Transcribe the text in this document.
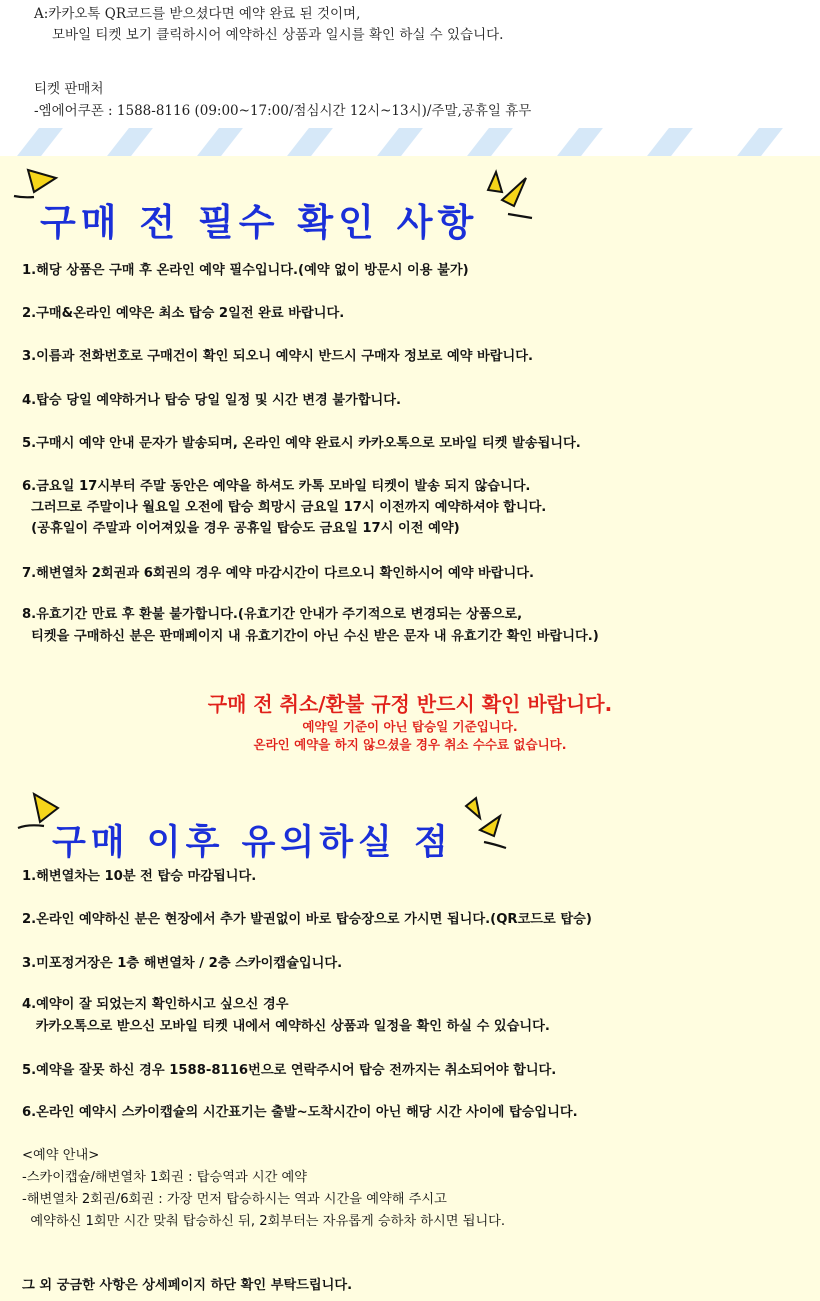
A:카카오톡 QR코드를 받으셨다면 예약 완료 된 것이며,

모바일 티켓 보기 클릭하시어 예약하신 상품과 일시를 확인 하실 수 있습니다.

티켓 판매처

-엠에어쿠폰 : 1588-8116 (09:00~17:00/점심시간 12시~13시)/주말,공휴일 휴무

구매 전 필수 확인 사항

1.해당 상품은 구매 후 온라인 예약 필수입니다.(예약 없이 방문시 이용 불가)

2.구매&온라인 예약은 최소 탑승 2일전 완료 바랍니다.

3.이름과 전화번호로 구매건이 확인 되오니 예약시 반드시 구매자 정보로 예약 바랍니다.

4.탑승 당일 예약하거나 탑승 당일 일정 및 시간 변경 불가합니다.

5.구매시 예약 안내 문자가 발송되며, 온라인 예약 완료시 카카오톡으로 모바일 티켓 발송됩니다.

6.금요일 17시부터 주말 동안은 예약을 하셔도 카톡 모바일 티켓이 발송 되지 않습니다.

그러므로 주말이나 월요일 오전에 탑승 희망시 금요일 17시 이전까지 예약하셔야 합니다.

(공휴일이 주말과 이어져있을 경우 공휴일 탑승도 금요일 17시 이전 예약)

7.해변열차 2회권과 6회권의 경우 예약 마감시간이 다르오니 확인하시어 예약 바랍니다.

8.유효기간 만료 후 환불 불가합니다.(유효기간 안내가 주기적으로 변경되는 상품으로,

티켓을 구매하신 분은 판매페이지 내 유효기간이 아닌 수신 받은 문자 내 유효기간 확인 바랍니다.)

구매 전 취소/환불 규정 반드시 확인 바랍니다.

예약일 기준이 아닌 탑승일 기준입니다.

온라인 예약을 하지 않으셨을 경우 취소 수수료 없습니다.

구매 이후 유의하실 점

1.해변열차는 10분 전 탑승 마감됩니다.

2.온라인 예약하신 분은 현장에서 추가 발권없이 바로 탑승장으로 가시면 됩니다.(QR코드로 탑승)

3.미포정거장은 1층 해변열차 / 2층 스카이캡슐입니다.

4.예약이 잘 되었는지 확인하시고 싶으신 경우

카카오톡으로 받으신 모바일 티켓 내에서 예약하신 상품과 일정을 확인 하실 수 있습니다.

5.예약을 잘못 하신 경우 1588-8116번으로 연락주시어 탑승 전까지는 취소되어야 합니다.

6.온라인 예약시 스카이캡슐의 시간표기는 출발~도착시간이 아닌 해당 시간 사이에 탑승입니다.

<예약 안내>

-스카이캡슐/해변열차 1회권 : 탑승역과 시간 예약

-해변열차 2회권/6회권 : 가장 먼저 탑승하시는 역과 시간을 예약해 주시고

예약하신 1회만 시간 맞춰 탑승하신 뒤, 2회부터는 자유롭게 승하차 하시면 됩니다.

그 외 궁금한 사항은 상세페이지 하단 확인 부탁드립니다.
